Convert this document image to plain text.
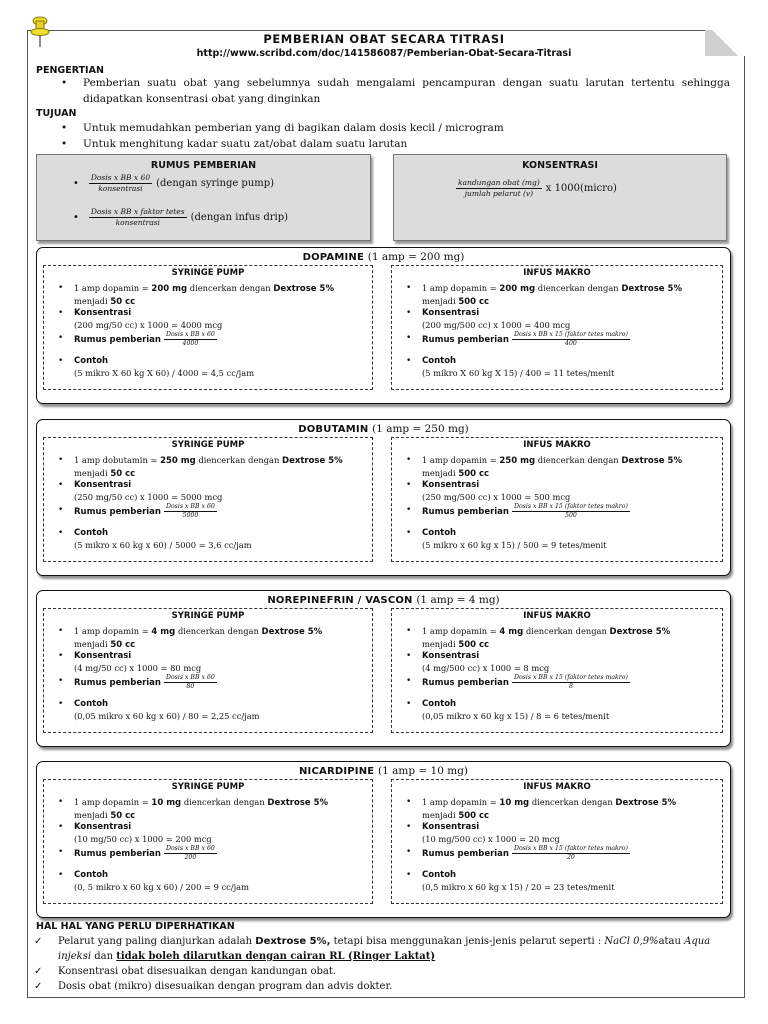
PEMBERIAN OBAT SECARA TITRASI
http://www.scribd.com/doc/141586087/Pemberian-Obat-Secara-Titrasi
PENGERTIAN
• Pemberian suatu obat yang sebelumnya sudah mengalami pencampuran dengan suatu larutan tertentu sehingga
didapatkan konsentrasi obat yang dinginkan
TUJUAN
• Untuk memudahkan pemberian yang di bagikan dalam dosis kecil / microgram
• Untuk menghitung kadar suatu zat/obat dalam suatu larutan
RUMUS PEMBERIAN
• $\frac{\text{Dosis x BB x 60}}{\text{konsentrasi}}$ (dengan syringe pump)
• $\frac{\text{Dosis x BB x faktor tetes}}{\text{konsentrasi}}$ (dengan infus drip)
KONSENTRASI
$\frac{\text{kandungan obat (mg)}}{\text{jumlah pelarut (v)}}$ x 1000(micro)
DOPAMINE (1 amp = 200 mg)
SYRINGE PUMP
• 1 amp dopamin = 200 mg diencerkan dengan Dextrose 5%
menjadi 50 cc
• Konsentrasi
(200 mg/50 cc) x 1000 = 4000 mcg
• Rumus pemberian $\frac{\text{Dosis x BB x 60}}{4000}$
• Contoh
(5 mikro X 60 kg X 60) / 4000 = 4,5 cc/jam
INFUS MAKRO
• 1 amp dopamin = 200 mg diencerkan dengan Dextrose 5%
menjadi 500 cc
• Konsentrasi
(200 mg/500 cc) x 1000 = 400 mcg
• Rumus pemberian $\frac{\text{Dosis x BB x 15 (faktor tetes makro)}}{400}$
• Contoh
(5 mikro X 60 kg X 15) / 400 = 11 tetes/menit
DOBUTAMIN (1 amp = 250 mg)
SYRINGE PUMP
• 1 amp dobutamin = 250 mg diencerkan dengan Dextrose 5%
menjadi 50 cc
• Konsentrasi
(250 mg/50 cc) x 1000 = 5000 mcg
• Rumus pemberian $\frac{\text{Dosis x BB x 60}}{5000}$
• Contoh
(5 mikro x 60 kg x 60) / 5000 = 3,6 cc/jam
INFUS MAKRO
• 1 amp dopamin = 250 mg diencerkan dengan Dextrose 5%
menjadi 500 cc
• Konsentrasi
(250 mg/500 cc) x 1000 = 500 mcg
• Rumus pemberian $\frac{\text{Dosis x BB x 15 (faktor tetes makro)}}{500}$
• Contoh
(5 mikro x 60 kg x 15) / 500 = 9 tetes/menit
NOREPINEFRIN / VASCON (1 amp = 4 mg)
SYRINGE PUMP
• 1 amp dopamin = 4 mg diencerkan dengan Dextrose 5%
menjadi 50 cc
• Konsentrasi
(4 mg/50 cc) x 1000 = 80 mcg
• Rumus pemberian $\frac{\text{Dosis x BB x 60}}{80}$
• Contoh
(0,05 mikro x 60 kg x 60) / 80 = 2,25 cc/jam
INFUS MAKRO
• 1 amp dopamin = 4 mg diencerkan dengan Dextrose 5%
menjadi 500 cc
• Konsentrasi
(4 mg/500 cc) x 1000 = 8 mcg
• Rumus pemberian $\frac{\text{Dosis x BB x 15 (faktor tetes makro)}}{8}$
• Contoh
(0,05 mikro x 60 kg x 15) / 8 = 6 tetes/menit
NICARDIPINE (1 amp = 10 mg)
SYRINGE PUMP
• 1 amp dopamin = 10 mg diencerkan dengan Dextrose 5%
menjadi 50 cc
• Konsentrasi
(10 mg/50 cc) x 1000 = 200 mcg
• Rumus pemberian $\frac{\text{Dosis x BB x 60}}{200}$
• Contoh
(0, 5 mikro x 60 kg x 60) / 200 = 9 cc/jam
INFUS MAKRO
• 1 amp dopamin = 10 mg diencerkan dengan Dextrose 5%
menjadi 500 cc
• Konsentrasi
(10 mg/500 cc) x 1000 = 20 mcg
• Rumus pemberian $\frac{\text{Dosis x BB x 15 (faktor tetes makro)}}{20}$
• Contoh
(0,5 mikro x 60 kg x 15) / 20 = 23 tetes/menit
HAL HAL YANG PERLU DIPERHATIKAN
✓ Pelarut yang paling dianjurkan adalah Dextrose 5%, tetapi bisa menggunakan jenis-jenis pelarut seperti : NaCl 0,9%atau Aqua
injeksi dan tidak boleh dilarutkan dengan cairan RL (Ringer Laktat)
✓ Konsentrasi obat disesuaikan dengan kandungan obat.
✓ Dosis obat (mikro) disesuaikan dengan program dan advis dokter.
